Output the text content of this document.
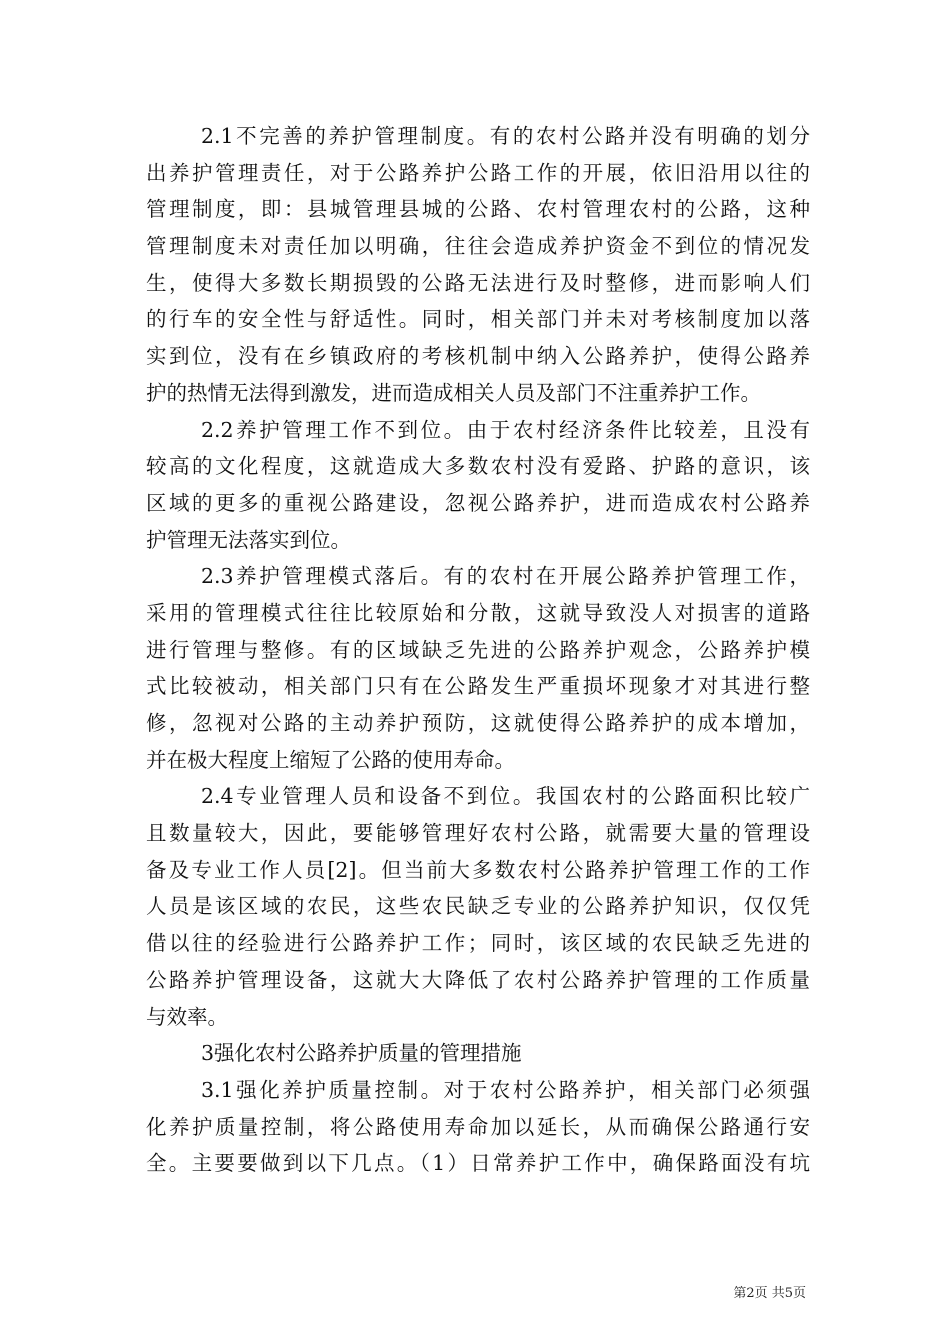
2.1不完善的养护管理制度。有的农村公路并没有明确的划分
出养护管理责任，对于公路养护公路工作的开展，依旧沿用以往的
管理制度，即：县城管理县城的公路、农村管理农村的公路，这种
管理制度未对责任加以明确，往往会造成养护资金不到位的情况发
生，使得大多数长期损毁的公路无法进行及时整修，进而影响人们
的行车的安全性与舒适性。同时，相关部门并未对考核制度加以落
实到位，没有在乡镇政府的考核机制中纳入公路养护，使得公路养
护的热情无法得到激发，进而造成相关人员及部门不注重养护工作。
2.2养护管理工作不到位。由于农村经济条件比较差，且没有
较高的文化程度，这就造成大多数农村没有爱路、护路的意识，该
区域的更多的重视公路建设，忽视公路养护，进而造成农村公路养
护管理无法落实到位。
2.3养护管理模式落后。有的农村在开展公路养护管理工作，
采用的管理模式往往比较原始和分散，这就导致没人对损害的道路
进行管理与整修。有的区域缺乏先进的公路养护观念，公路养护模
式比较被动，相关部门只有在公路发生严重损坏现象才对其进行整
修，忽视对公路的主动养护预防，这就使得公路养护的成本增加，
并在极大程度上缩短了公路的使用寿命。
2.4专业管理人员和设备不到位。我国农村的公路面积比较广
且数量较大，因此，要能够管理好农村公路，就需要大量的管理设
备及专业工作人员[2]。但当前大多数农村公路养护管理工作的工作
人员是该区域的农民，这些农民缺乏专业的公路养护知识，仅仅凭
借以往的经验进行公路养护工作；同时，该区域的农民缺乏先进的
公路养护管理设备，这就大大降低了农村公路养护管理的工作质量
与效率。
3强化农村公路养护质量的管理措施
3.1强化养护质量控制。对于农村公路养护，相关部门必须强
化养护质量控制，将公路使用寿命加以延长，从而确保公路通行安
全。主要要做到以下几点。（1）日常养护工作中，确保路面没有坑
第2页 共5页
